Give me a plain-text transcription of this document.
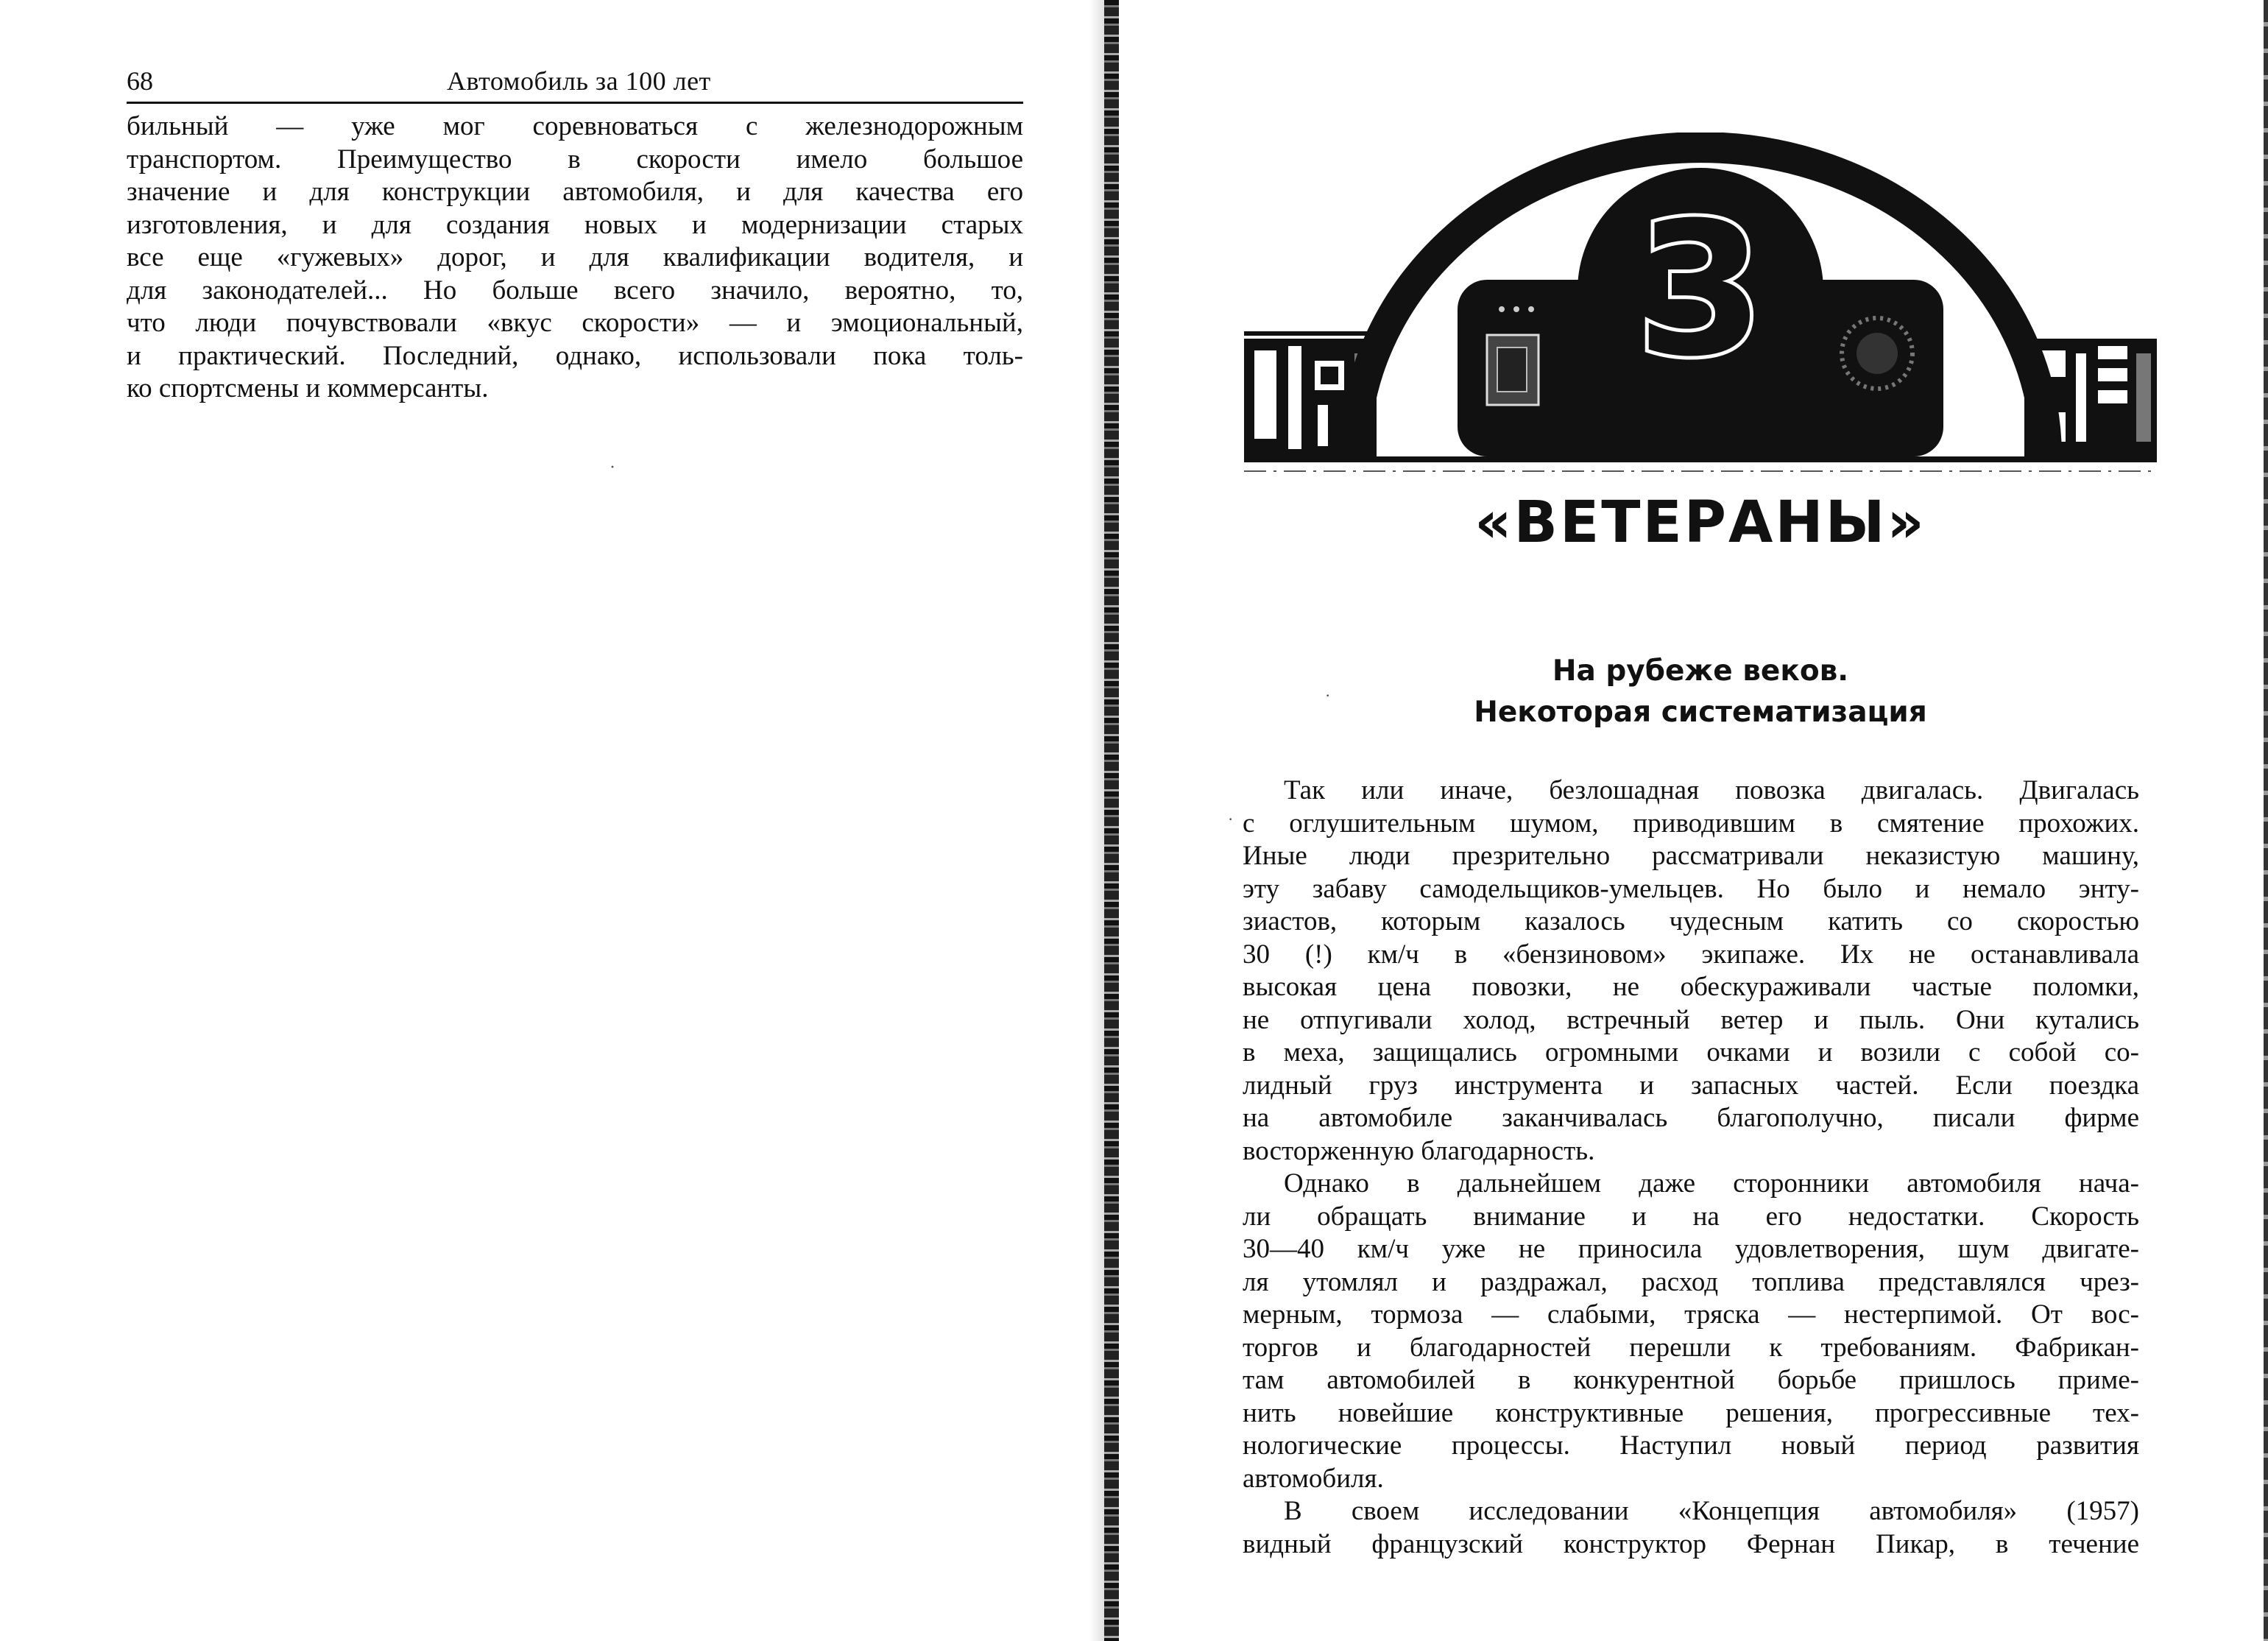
68	Автомобиль за 100 лет
бильный — уже мог соревноваться с железнодорожным
транспортом. Преимущество в скорости имело большое
значение и для конструкции автомобиля, и для качества его
изготовления, и для создания новых и модернизации старых
все еще «гужевых» дорог, и для квалификации водителя, и
для законодателей... Но больше всего значило, вероятно, то,
что люди почувствовали «вкус скорости» — и эмоциональный,
и практический. Последний, однако, использовали пока толь-
ко спортсмены и коммерсанты.
·
3
«ВЕТЕРАНЫ»
На рубеже веков.
Некоторая систематизация
·
·
Так или иначе, безлошадная повозка двигалась. Двигалась
с оглушительным шумом, приводившим в смятение прохожих.
Иные люди презрительно рассматривали неказистую машину,
эту забаву самодельщиков-умельцев. Но было и немало энту-
зиастов, которым казалось чудесным катить со скоростью
30 (!) км/ч в «бензиновом» экипаже. Их не останавливала
высокая цена повозки, не обескураживали частые поломки,
не отпугивали холод, встречный ветер и пыль. Они кутались
в меха, защищались огромными очками и возили с собой со-
лидный груз инструмента и запасных частей. Если поездка
на автомобиле заканчивалась благополучно, писали фирме
восторженную благодарность.
Однако в дальнейшем даже сторонники автомобиля нача-
ли обращать внимание и на его недостатки. Скорость
30—40 км/ч уже не приносила удовлетворения, шум двигате-
ля утомлял и раздражал, расход топлива представлялся чрез-
мерным, тормоза — слабыми, тряска — нестерпимой. От вос-
торгов и благодарностей перешли к требованиям. Фабрикан-
там автомобилей в конкурентной борьбе пришлось приме-
нить новейшие конструктивные решения, прогрессивные тех-
нологические процессы. Наступил новый период развития
автомобиля.
В своем исследовании «Концепция автомобиля» (1957)
видный французский конструктор Фернан Пикар, в течение
